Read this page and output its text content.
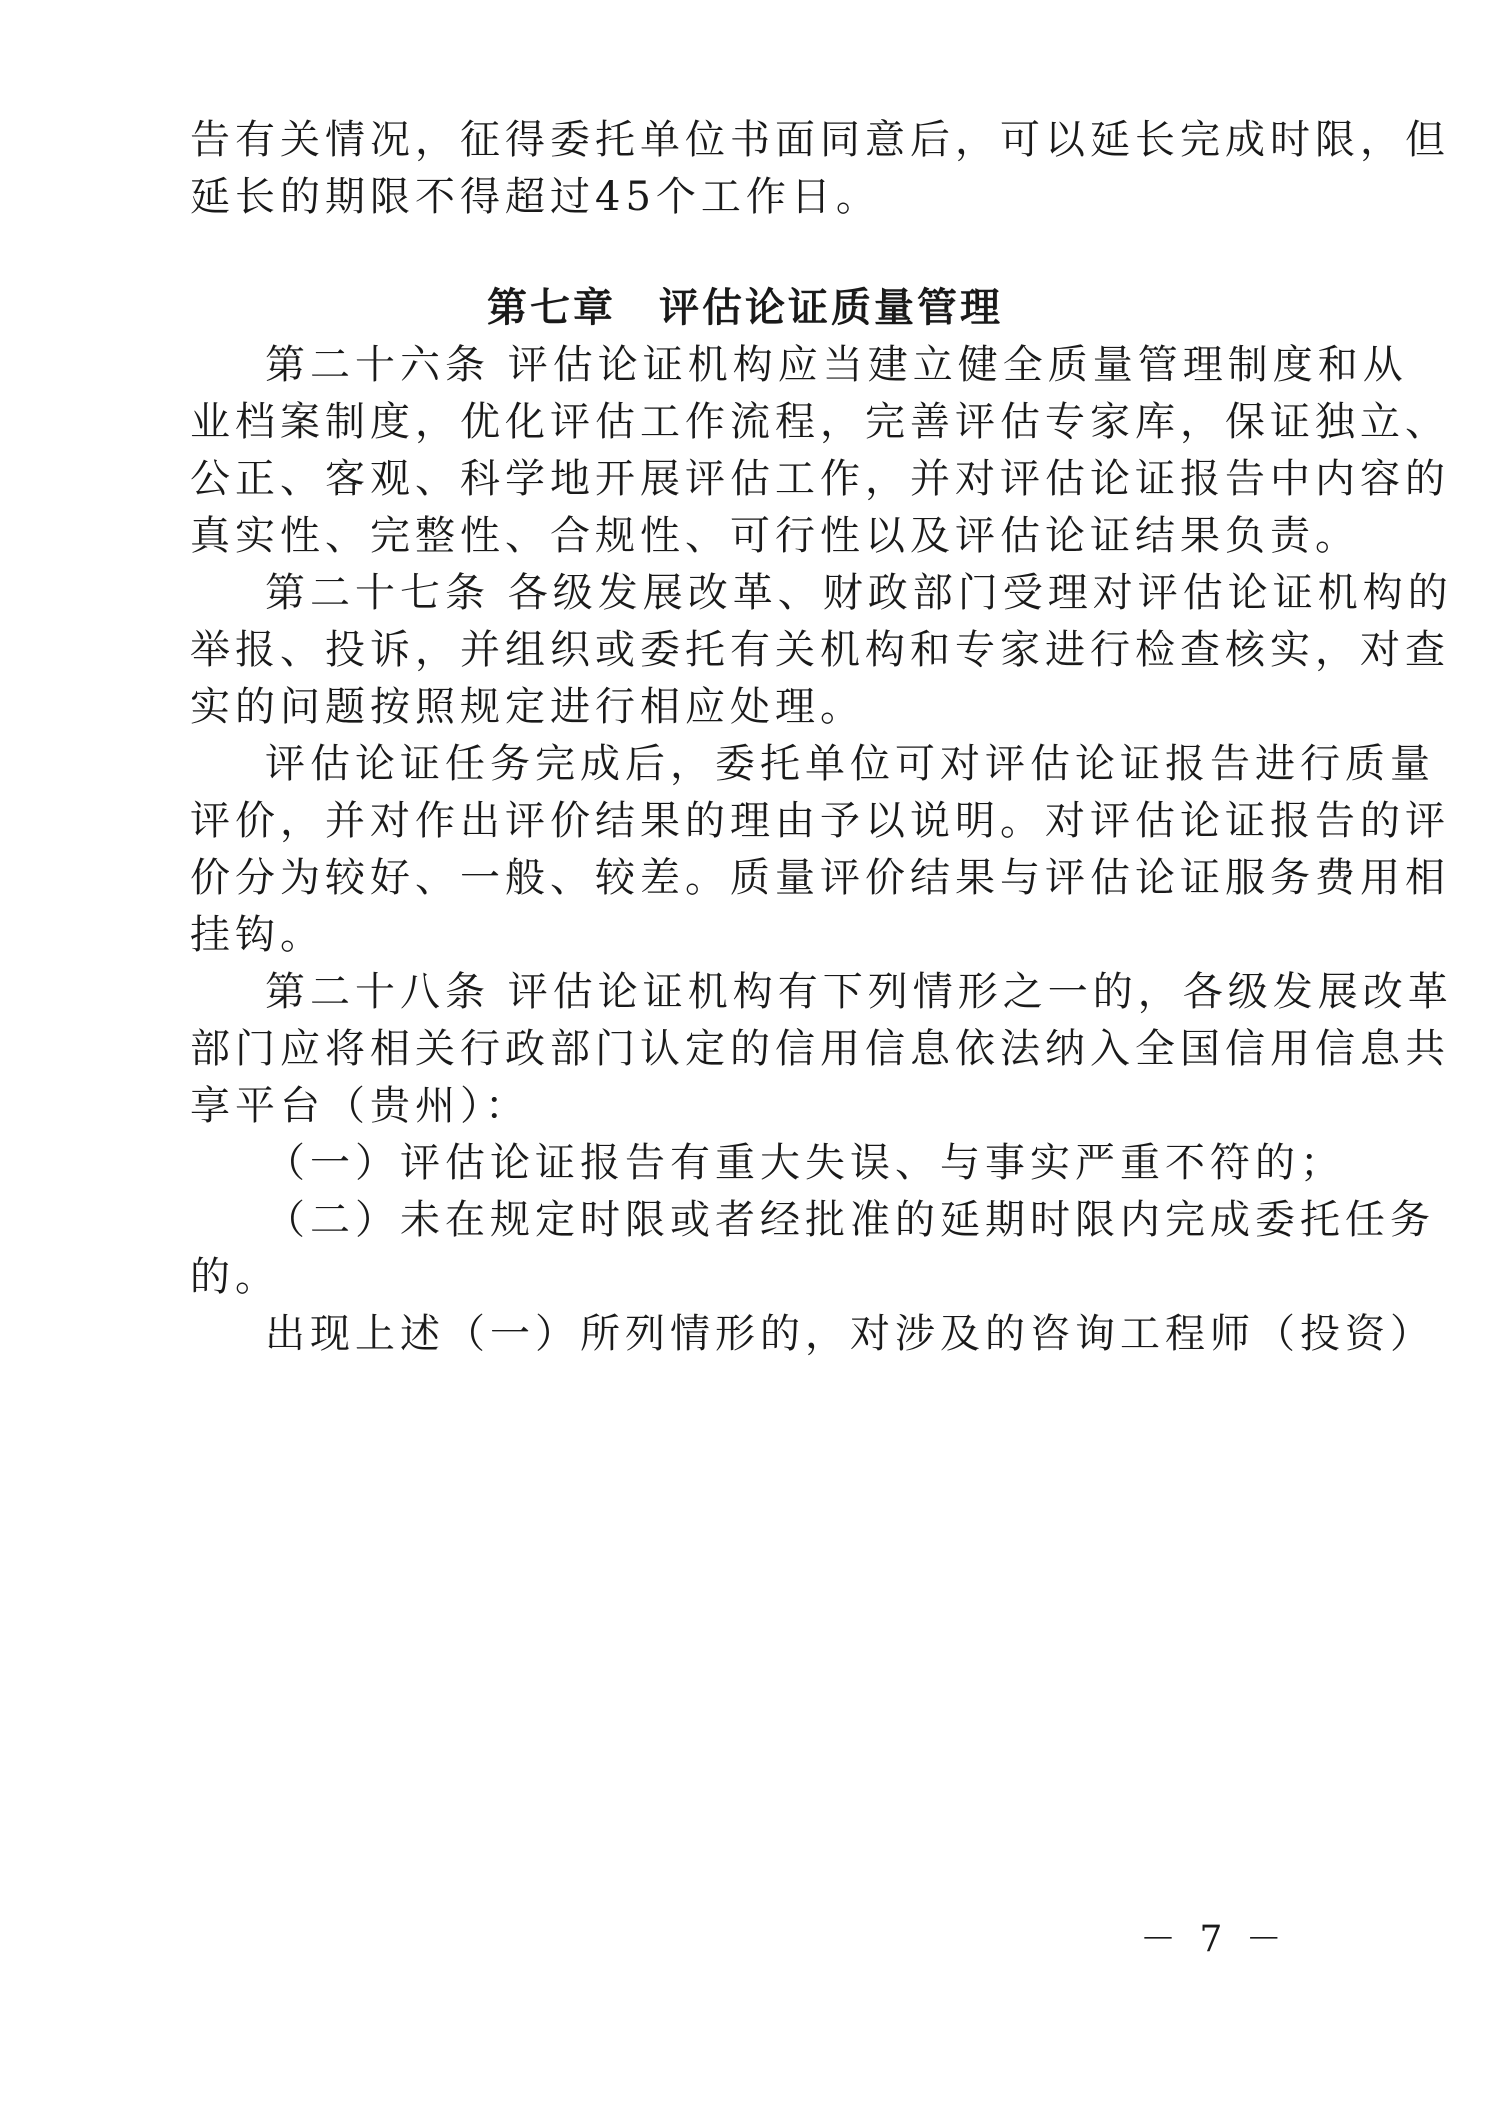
告有关情况，征得委托单位书面同意后，可以延长完成时限，但
延长的期限不得超过45个工作日。
第七章　评估论证质量管理
第二十六条 评估论证机构应当建立健全质量管理制度和从
业档案制度，优化评估工作流程，完善评估专家库，保证独立、
公正、客观、科学地开展评估工作，并对评估论证报告中内容的
真实性、完整性、合规性、可行性以及评估论证结果负责。
第二十七条 各级发展改革、财政部门受理对评估论证机构的
举报、投诉，并组织或委托有关机构和专家进行检查核实，对查
实的问题按照规定进行相应处理。
评估论证任务完成后，委托单位可对评估论证报告进行质量
评价，并对作出评价结果的理由予以说明。对评估论证报告的评
价分为较好、一般、较差。质量评价结果与评估论证服务费用相
挂钩。
第二十八条 评估论证机构有下列情形之一的，各级发展改革
部门应将相关行政部门认定的信用信息依法纳入全国信用信息共
享平台（贵州）：
（一）评估论证报告有重大失误、与事实严重不符的；
（二）未在规定时限或者经批准的延期时限内完成委托任务
的。
出现上述（一）所列情形的，对涉及的咨询工程师（投资）
－ 7 －
